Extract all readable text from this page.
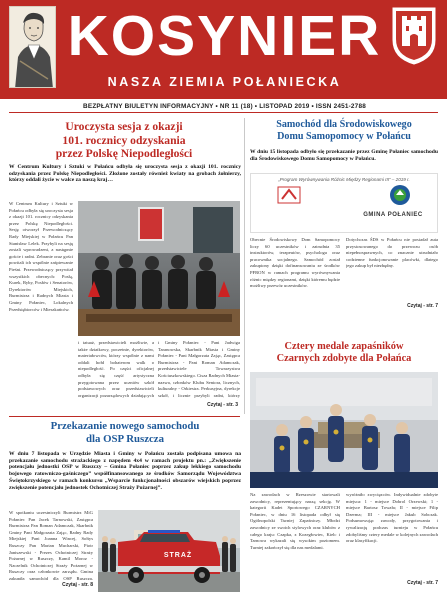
KOSYNIER
NASZA ZIEMIA POŁANIECKA
BEZPŁATNY BIULETYN INFORMACYJNY • NR 11 (18) • LISTOPAD 2019 • ISSN 2451-2788
Uroczysta sesja z okazji
101. rocznicy odzyskania
przez Polskę Niepodległości
W Centrum Kultury i Sztuki w Połańcu odbyła się uroczysta sesja z okazji 101. rocznicy odzyskania przez Polskę Niepodległości. Złożone zostały również kwiaty na grobach żołnierzy, którzy oddali życie w walce za naszą kraj…
W Centrum Kultury i Sztuki w Połańcu odbyła się uroczysta sesja z okazji 101. rocznicy odzyskania przez Polskę Niepodległości. Sesję otworzył Przewodniczący Rady Miejskiej w Połańcu Pan Stanisław Lelek. Przybyli na sesję zostali wprowadzeni, a następnie goście i radni. Zebranie oraz gości powitali ich wspólnie zaśpiewanie Pieśni. Przewodniczący przywitał wszystkich obecnych: Posłą, Kurek, Ryby, Posłów i Senatorów, Dyrektorów Miejskich, Burmistrza i Radnych Miasta i Gminy Połaniec, Lokalnych Przedsiębiorców i Mieszkańców.
i tatuaż, przedstawicieli możliwie, a także dziatkowy, poczetnie, dyrektorów, materiałowców, którzy wspólnie z nami oddali hołd bohaterom walk o niepodległość. Po części oficjalnej odbyła się część artystyczna przygotowana przez uczniów szkół podstawowych oraz przedstawicieli organizacji pozarządowych działających
i Gminy Połaniec - Pani Jadwiga Taranowska, Skarbnik Miasta i Gminy Połaniec - Pani Małgorzata Zając, Zastępca Burmistrza - Pani Roman Adamczak, przedstawiciele Towarzystwa Kościuszkowskiego. Cisza Radnych Miasta-nazwa, członków Klubu Seniora, licznych, kulturalny - Orkiestra. Perkusyjna, dyrekcje szkół, i licznie przybyli radni, którzy
Czytaj - str. 3
Samochód dla Środowiskowego
Domu Samopomocy w Połańcu
W dniu 15 listopada odbyło się przekazanie przez Gminę Połaniec samochodu dla Środowiskowego Domu Samopomocy w Połańcu.
„Program Wyrównywania Różnic Między Regionami III” – 2019 r.
GMINA POŁANIEC
Obecnie Środowiskowy Dom Samopomocy liczy 60 uczestników i zatrudnia 35 instruktorów, terapeutów, psychologa oraz pracownika socjalnego. Samochód został zakupiony dzięki dofinansowaniu ze środków PFRON w ramach programu wyrównywania różnic między regionami, dzięki któremu będzie możliwy przewóz uczestników.
Dotychczas ŚDS w Połańcu nie posiadał auta przystosowanego do przewozu osób niepełnosprawnych, co znacznie utrudniało codzienne funkcjonowanie placówki, dlatego jego zakup był niezbędny.
Czytaj - str. 7
Cztery medale zapaśników
Czarnych zdobyte dla Połańca
Na zawodach w Rzeszowie startowali zawodnicy, reprezentujący naszą sekcję. W kategorii Kadet Sportowego CZARNYCH Połaniec, w dniu 16 listopada odbył się Ogólnopolski Turniej Zapaśniczy. Młodzi zawodnicy ze swoich stylowych oraz klubów z całego kraju: Czapka, z Kozegłowiec, Kielc i Tarnowa wykazali się wysokim poziomem. Turniej zakończył się dla nas medalami.
wyróżniło zwycięzców. Indywidualnie zdobyte miejsca: 1 - miejsce Dobrol Orzewski; 1 - miejsce Bartosz Towała; II - miejsce Filip Dzerma; III - miejsce Jakub Sobczak. Podsumowując zawody, przygotowania i rywalizację podczas turnieju w Połańcu zdobyliśmy cztery medale w kolejnych zawodach oraz klasyfikacji.
Czytaj - str. 7
Przekazanie nowego samochodu
dla OSP Ruszcza
W dniu 7 listopada w Urzędzie Miasta i Gminy w Połańcu została podpisana umowa na przekazanie samochodu strażackiego z napędem 4x4 w ramach projektu pn.: „Zwiększenie potencjału jednostki OSP w Ruszczy – Gmina Połaniec poprzez zakup lekkiego samochodu bojowego ratowniczo-gaśniczego” współfinansowanego ze środków Samorządu Województwa Świętokrzyskiego w ramach konkursu „Wsparcie funkcjonalności obszarów wiejskich poprzez zwiększenie potencjału jednostek Ochotniczej Straży Pożarnej”.
W spotkaniu uczestniczyli Burmistrz MiG Połaniec Pan Jacek Tarnowski, Zastępca Burmistrza Pan Roman Adamczak, Skarbnik Gminy Pani Małgorzata Zając, Radny Rady Miejskiej Pani Joanna Wincej, Sołtys Ruszczy Pan Marian Mucharski, Piotr Janiszewski - Prezes Ochotniczej Straży Pożarnej w Ruszczy, Kamil Moroz - Naczelnik Ochotniczej Straży Pożarnej w Ruszczy oraz członkowie zarządu. Gmina zakupiła samochód dla OSP Ruszcza,
Czytaj - str. 8
STRAŻ
